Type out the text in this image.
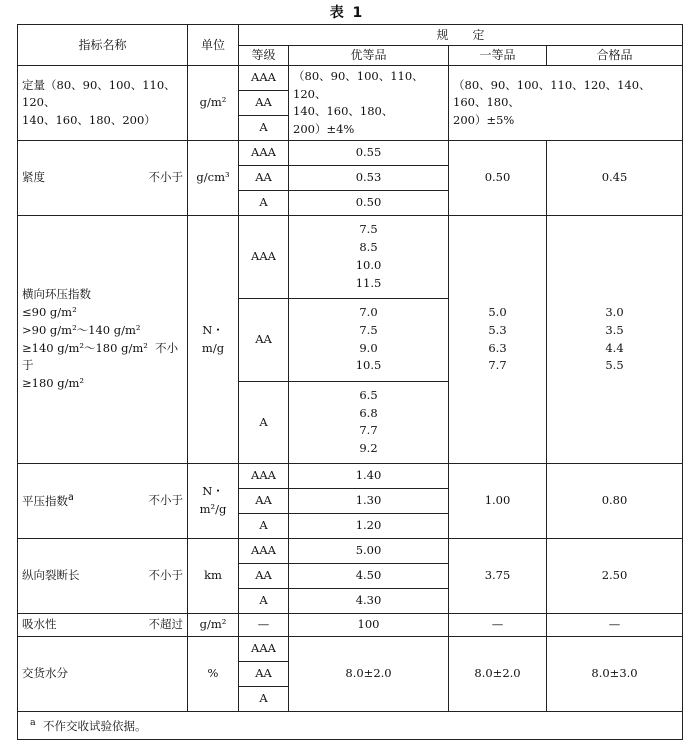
表 1
指标名称	单位	规　　定			
		等级	优等品	一等品	合格品

定量（80、90、100、110、120、
140、160、180、200）	g/m²	AAA	（80、90、100、110、120、
140、160、180、200）±4%	（80、90、100、110、120、140、160、180、
200）±5%	

		AA			
		A			

紧度 不小于	g/cm³	AAA	0.55	0.50	0.45
		AA	0.53		
		A	0.50		

横向环压指数
≤90 g/m²
>90 g/m²～140 g/m²
≥140 g/m²～180 g/m² 不小于
≥180 g/m²	N・m/g	AAA	7.5
8.5
10.0
11.5	5.0
5.3
6.3
7.7	3.0
3.5
4.4
5.5

		AA	7.0
7.5
9.0
10.5		

		A	6.5
6.8
7.7
9.2		

平压指数$^a$ 不小于	N・m²/g	AAA	1.40	1.00	0.80
		AA	1.30		
		A	1.20		

纵向裂断长 不小于	km	AAA	5.00	3.75	2.50
		AA	4.50		
		A	4.30		

吸水性 不超过	g/m²	—	100	—	—
交货水分	%	AAA	8.0±2.0	8.0±2.0	8.0±3.0
		AA			
		A			
$^a$ 不作交收试验依据。					
